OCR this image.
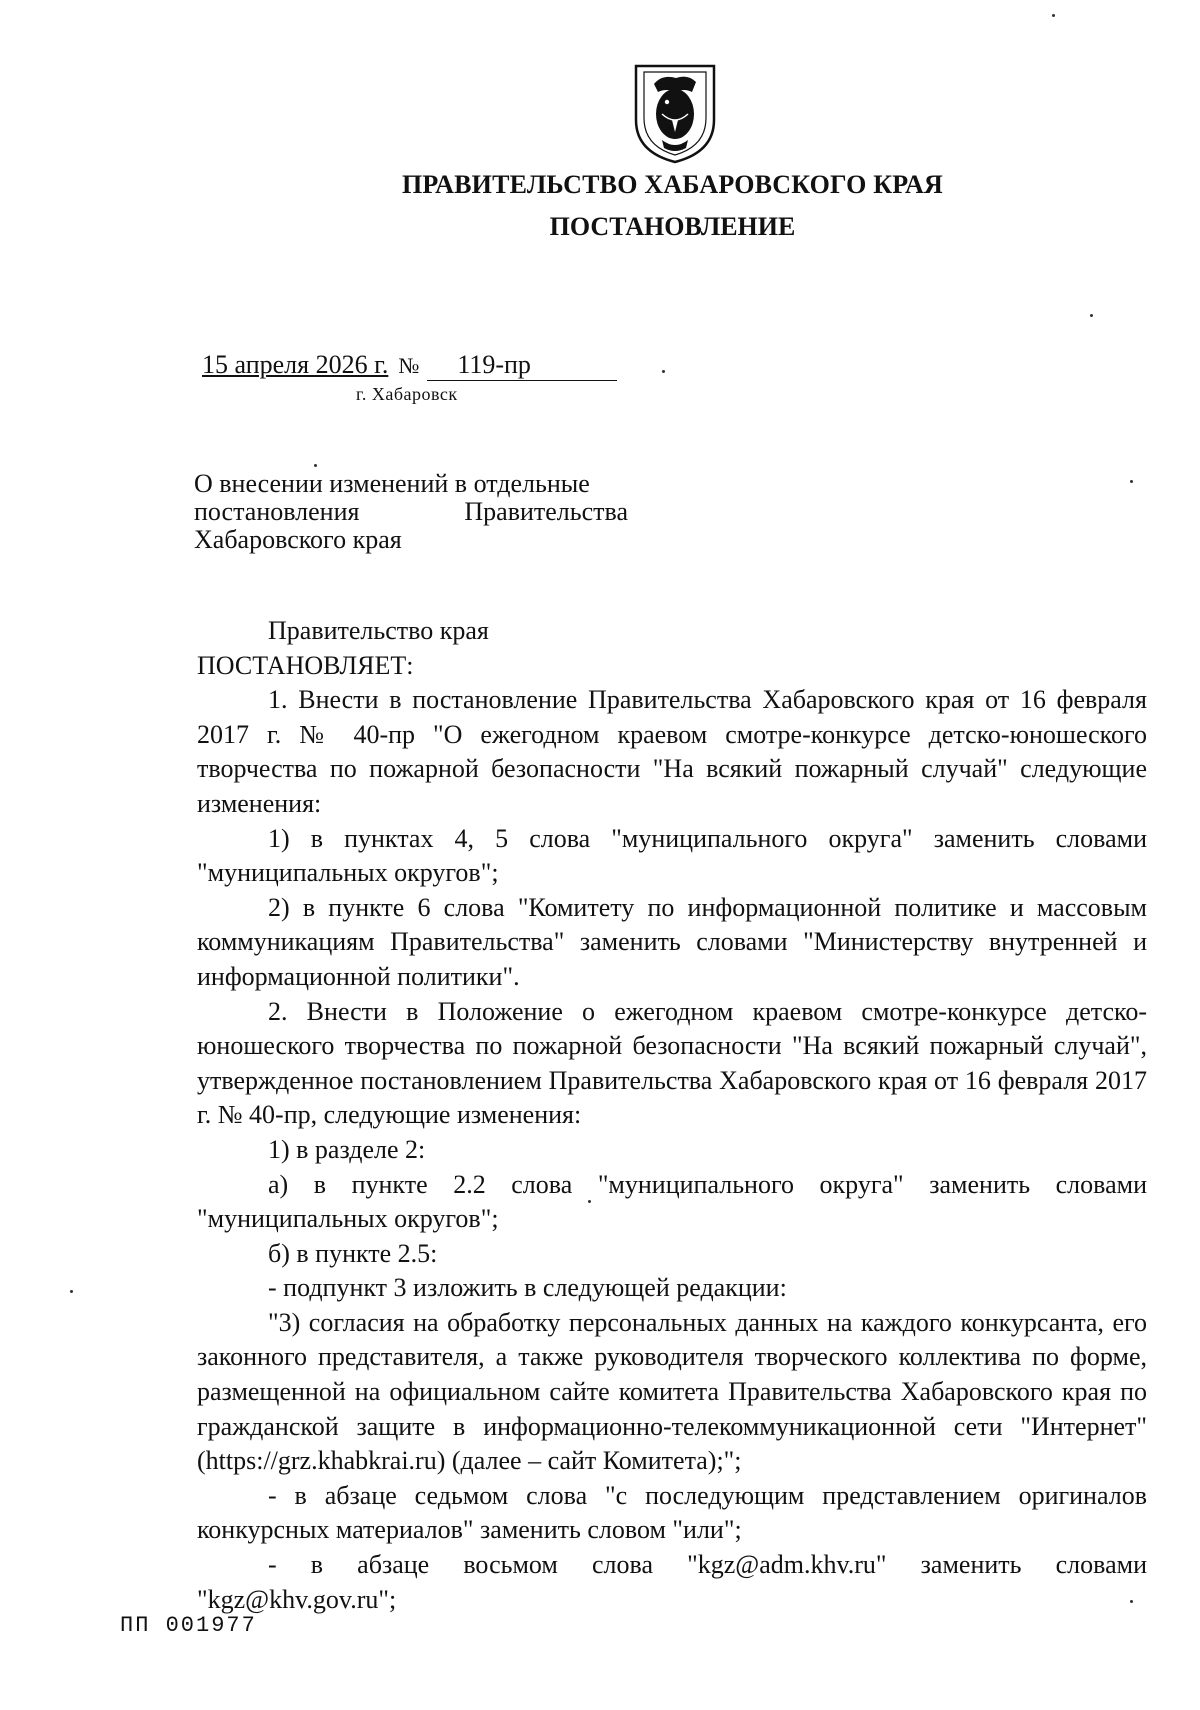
ПРАВИТЕЛЬСТВО ХАБАРОВСКОГО КРАЯ
ПОСТАНОВЛЕНИЕ
15 апреля 2026 г. № 119-пр
г. Хабаровск
О внесении изменений в отдельные
постановления	Правительства
Хабаровского края

Правительство края

ПОСТАНОВЛЯЕТ:

1. Внести в постановление Правительства Хабаровского края от 16 февраля 2017 г. № 40-пр "О ежегодном краевом смотре-конкурсе детско-юношеского творчества по пожарной безопасности "На всякий пожарный случай" следующие изменения:

1) в пунктах 4, 5 слова "муниципального округа" заменить словами "муниципальных округов";

2) в пункте 6 слова "Комитету по информационной политике и массовым коммуникациям Правительства" заменить словами "Министерству внутренней и информационной политики".

2. Внести в Положение о ежегодном краевом смотре-конкурсе детско-юношеского творчества по пожарной безопасности "На всякий пожарный случай", утвержденное постановлением Правительства Хабаровского края от 16 февраля 2017 г. № 40-пр, следующие изменения:

1) в разделе 2:

а) в пункте 2.2 слова "муниципального округа" заменить словами "муниципальных округов";

б) в пункте 2.5:

- подпункт 3 изложить в следующей редакции:

"3) согласия на обработку персональных данных на каждого конкурсанта, его законного представителя, а также руководителя творческого коллектива по форме, размещенной на официальном сайте комитета Правительства Хабаровского края по гражданской защите в информационно-телекоммуникационной сети "Интернет" (https://grz.khabkrai.ru) (далее – сайт Комитета);";

- в абзаце седьмом слова "с последующим представлением оригиналов конкурсных материалов" заменить словом "или";

- в абзаце восьмом слова "kgz@adm.khv.ru" заменить словами "kgz@khv.gov.ru";

ПП 001977
